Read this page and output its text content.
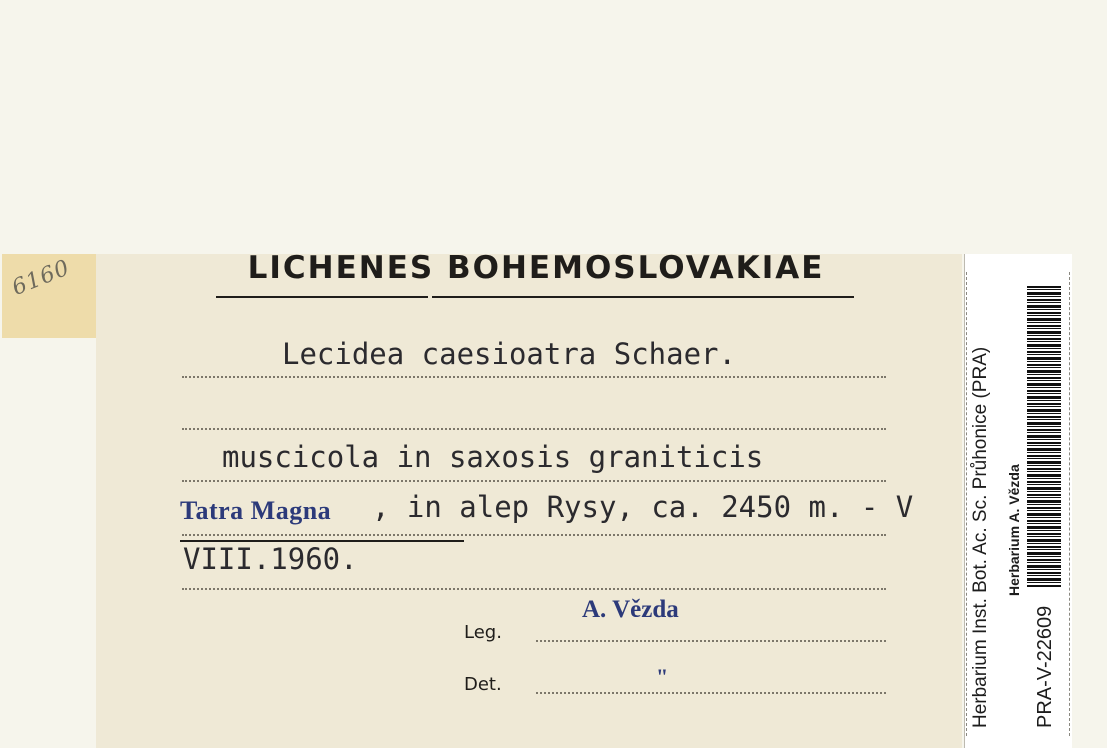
6160	LICHENES BOHEMOSLOVAKIAE
Lecidea caesioatra Schaer.
muscicola in saxosis graniticis
Tatra Magna , in alep Rysy, ca. 2450 m. - V
VIII.1960.
Leg.
A. Vězda
Det.	"	Herbarium Inst. Bot. Ac. Sc. Průhonice (PRA) Herbarium A. Vězda
PRA-V-22609
